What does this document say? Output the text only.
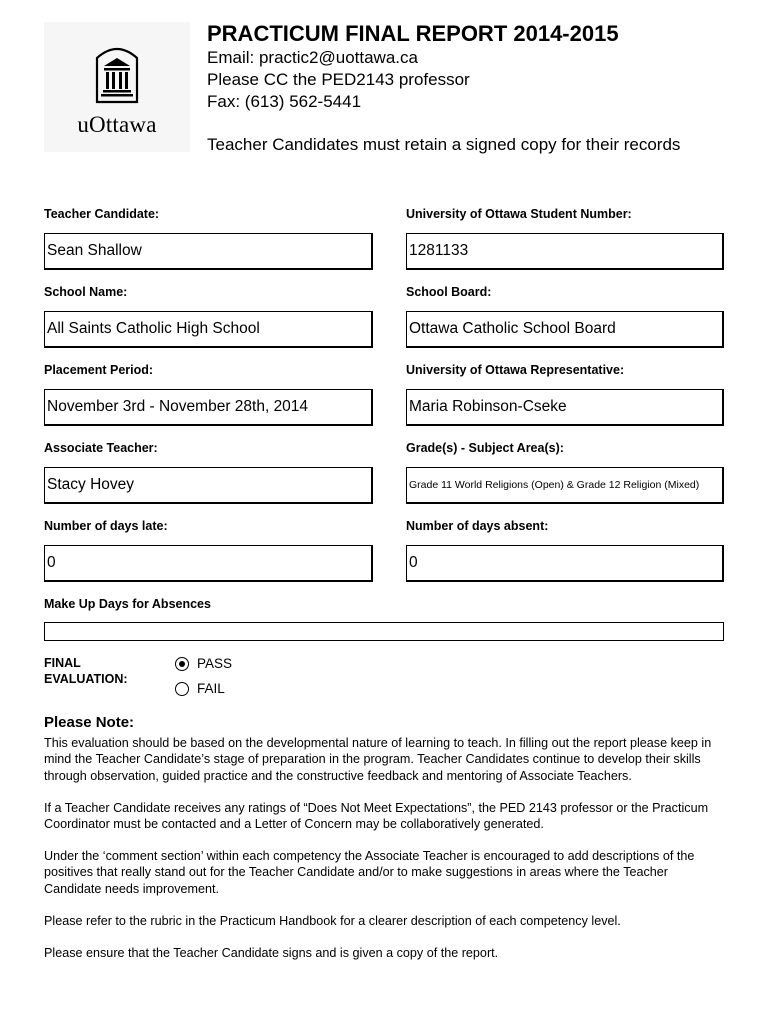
uOttawa
PRACTICUM FINAL REPORT 2014-2015
Email: practic2@uottawa.ca
Please CC the PED2143 professor
Fax: (613) 562-5441
Teacher Candidates must retain a signed copy for their records
Teacher Candidate:	University of Ottawa Student Number:
Sean Shallow	1281133
School Name:	School Board:
All Saints Catholic High School	Ottawa Catholic School Board
Placement Period:	University of Ottawa Representative:
November 3rd - November 28th, 2014	Maria Robinson-Cseke
Associate Teacher:	Grade(s) - Subject Area(s):
Stacy Hovey	Grade 11 World Religions (Open) & Grade 12 Religion (Mixed)
Number of days late:	Number of days absent:
0	0
Make Up Days for Absences
FINAL
EVALUATION:
PASS
FAIL
Please Note:

This evaluation should be based on the developmental nature of learning to teach. In filling out the report please keep in mind the Teacher Candidate’s stage of preparation in the program. Teacher Candidates continue to develop their skills through observation, guided practice and the constructive feedback and mentoring of Associate Teachers.

If a Teacher Candidate receives any ratings of “Does Not Meet Expectations”, the PED 2143 professor or the Practicum Coordinator must be contacted and a Letter of Concern may be collaboratively generated.

Under the ‘comment section’ within each competency the Associate Teacher is encouraged to add descriptions of the positives that really stand out for the Teacher Candidate and/or to make suggestions in areas where the Teacher Candidate needs improvement.

Please refer to the rubric in the Practicum Handbook for a clearer description of each competency level.

Please ensure that the Teacher Candidate signs and is given a copy of the report.
